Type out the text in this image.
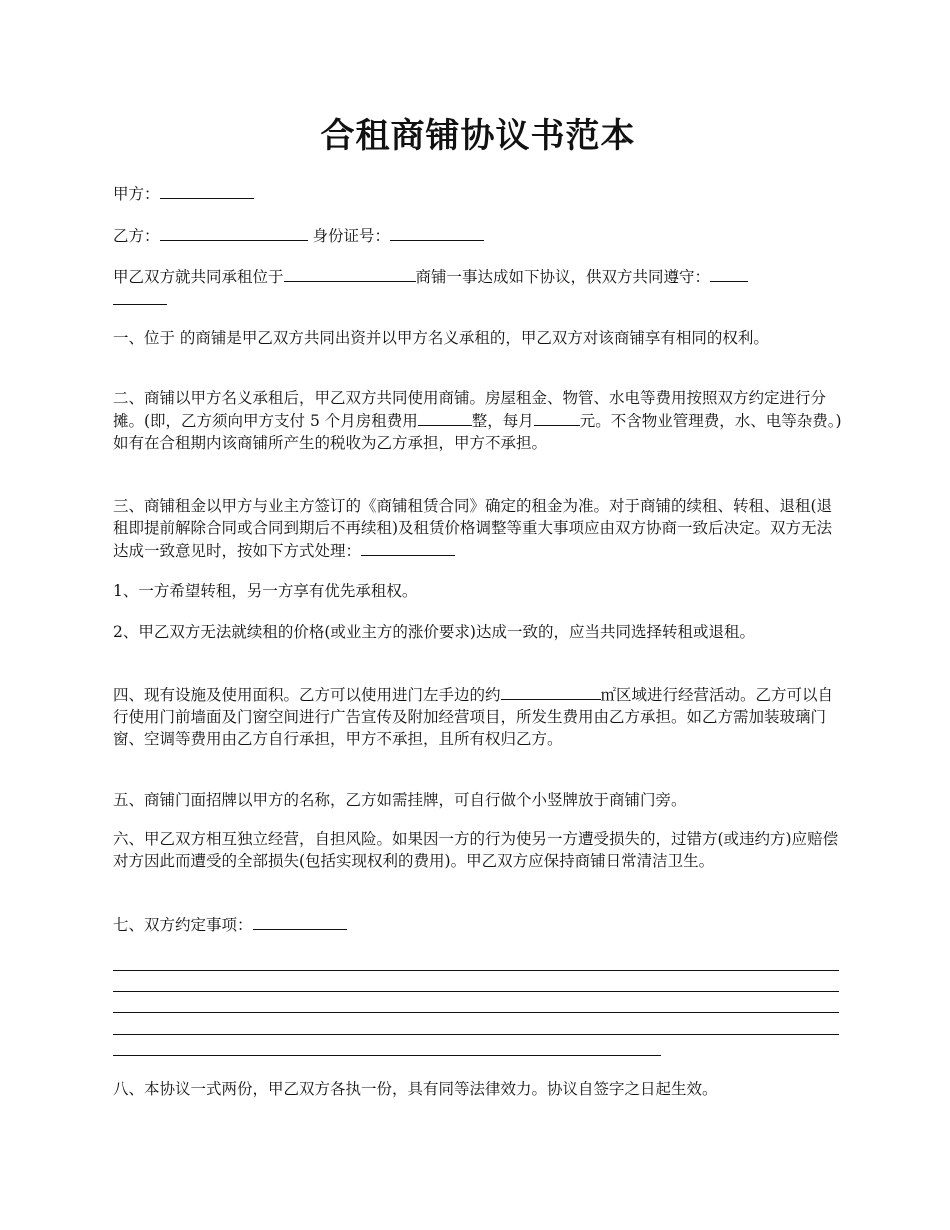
合租商铺协议书范本

甲方：

乙方：	身份证号：

甲乙双方就共同承租位于	商铺一事达成如下协议，供双方共同遵守：

一、位于 的商铺是甲乙双方共同出资并以甲方名义承租的，甲乙双方对该商铺享有相同的权利。

二、商铺以甲方名义承租后，甲乙双方共同使用商铺。房屋租金、物管、水电等费用按照双方约定进行分摊。(即，乙方须向甲方支付 5 个月房租费用	整，每月	元。不含物业管理费，水、电等杂费。)如有在合租期内该商铺所产生的税收为乙方承担，甲方不承担。

三、商铺租金以甲方与业主方签订的《商铺租赁合同》确定的租金为准。对于商铺的续租、转租、退租(退租即提前解除合同或合同到期后不再续租)及租赁价格调整等重大事项应由双方协商一致后决定。双方无法达成一致意见时，按如下方式处理：

1、一方希望转租，另一方享有优先承租权。

2、甲乙双方无法就续租的价格(或业主方的涨价要求)达成一致的，应当共同选择转租或退租。

四、现有设施及使用面积。乙方可以使用进门左手边的约	㎡区域进行经营活动。乙方可以自行使用门前墙面及门窗空间进行广告宣传及附加经营项目，所发生费用由乙方承担。如乙方需加装玻璃门窗、空调等费用由乙方自行承担，甲方不承担，且所有权归乙方。

五、商铺门面招牌以甲方的名称，乙方如需挂牌，可自行做个小竖牌放于商铺门旁。

六、甲乙双方相互独立经营，自担风险。如果因一方的行为使另一方遭受损失的，过错方(或违约方)应赔偿对方因此而遭受的全部损失(包括实现权利的费用)。甲乙双方应保持商铺日常清洁卫生。

七、双方约定事项：

八、本协议一式两份，甲乙双方各执一份，具有同等法律效力。协议自签字之日起生效。
